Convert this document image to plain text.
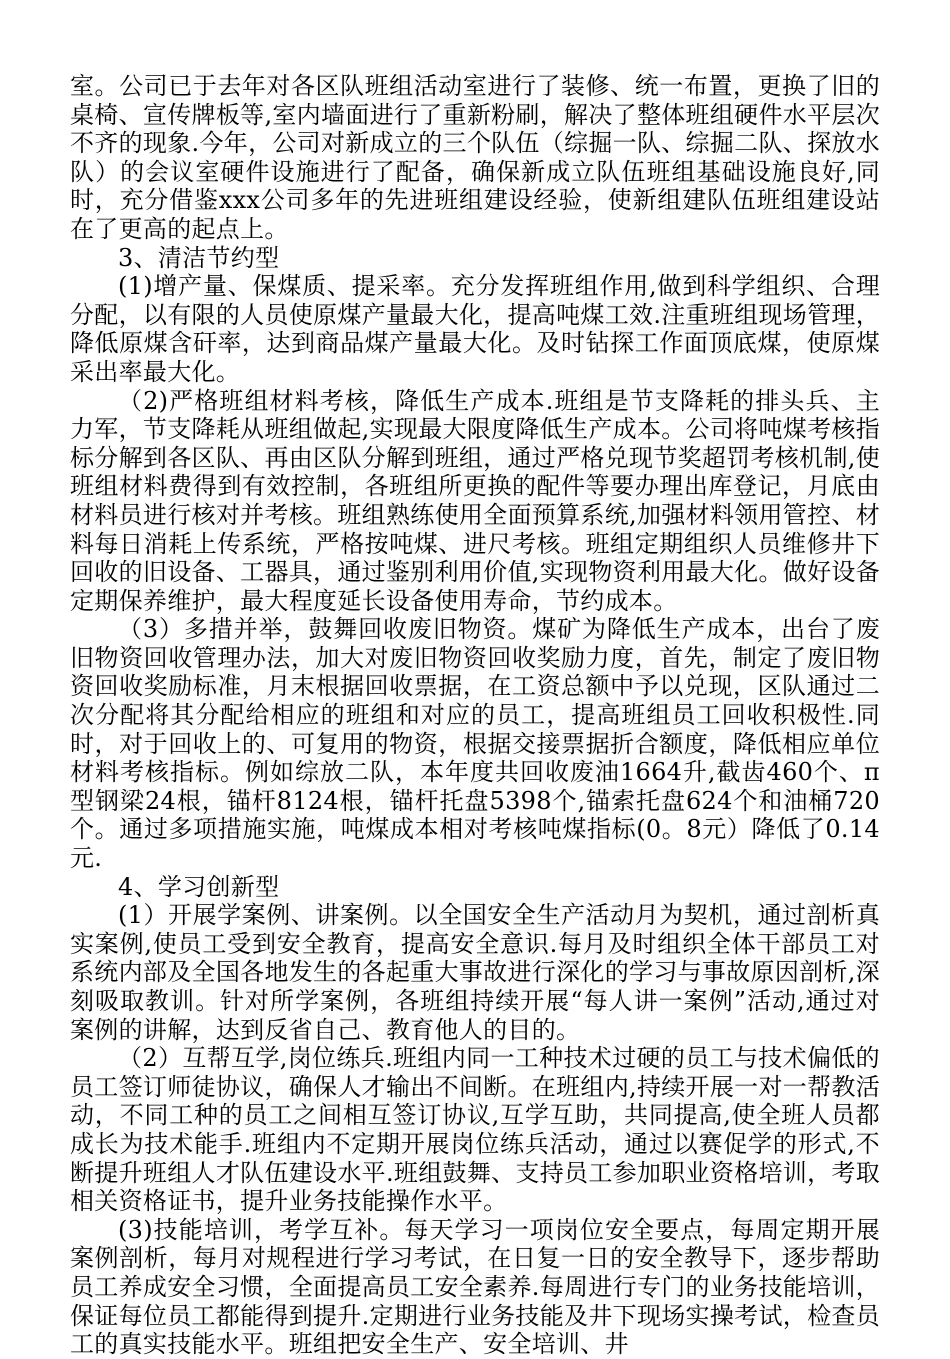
室。公司已于去年对各区队班组活动室进行了装修、统一布置，更换了旧的桌椅、宣传牌板等,室内墙面进行了重新粉刷，解决了整体班组硬件水平层次不齐的现象.今年，公司对新成立的三个队伍（综掘一队、综掘二队、探放水队）的会议室硬件设施进行了配备，确保新成立队伍班组基础设施良好,同时，充分借鉴xxx公司多年的先进班组建设经验，使新组建队伍班组建设站在了更高的起点上。

3、清洁节约型

(1)增产量、保煤质、提采率。充分发挥班组作用,做到科学组织、合理分配，以有限的人员使原煤产量最大化，提高吨煤工效.注重班组现场管理，降低原煤含矸率，达到商品煤产量最大化。及时钻探工作面顶底煤，使原煤采出率最大化。

（2)严格班组材料考核，降低生产成本.班组是节支降耗的排头兵、主力军，节支降耗从班组做起,实现最大限度降低生产成本。公司将吨煤考核指标分解到各区队、再由区队分解到班组，通过严格兑现节奖超罚考核机制,使班组材料费得到有效控制，各班组所更换的配件等要办理出库登记，月底由材料员进行核对并考核。班组熟练使用全面预算系统,加强材料领用管控、材料每日消耗上传系统，严格按吨煤、进尺考核。班组定期组织人员维修井下回收的旧设备、工器具，通过鉴别利用价值,实现物资利用最大化。做好设备定期保养维护，最大程度延长设备使用寿命，节约成本。

（3）多措并举，鼓舞回收废旧物资。煤矿为降低生产成本，出台了废旧物资回收管理办法，加大对废旧物资回收奖励力度，首先，制定了废旧物资回收奖励标准，月末根据回收票据，在工资总额中予以兑现，区队通过二次分配将其分配给相应的班组和对应的员工，提高班组员工回收积极性.同时，对于回收上的、可复用的物资，根据交接票据折合额度，降低相应单位材料考核指标。例如综放二队，本年度共回收废油1664升,截齿460个、π型钢梁24根，锚杆8124根，锚杆托盘5398个,锚索托盘624个和油桶720个。通过多项措施实施，吨煤成本相对考核吨煤指标(0。8元）降低了0.14元.

4、学习创新型

(1）开展学案例、讲案例。以全国安全生产活动月为契机，通过剖析真实案例,使员工受到安全教育，提高安全意识.每月及时组织全体干部员工对系统内部及全国各地发生的各起重大事故进行深化的学习与事故原因剖析,深刻吸取教训。针对所学案例，各班组持续开展“每人讲一案例”活动,通过对案例的讲解，达到反省自己、教育他人的目的。

（2）互帮互学,岗位练兵.班组内同一工种技术过硬的员工与技术偏低的员工签订师徒协议，确保人才输出不间断。在班组内,持续开展一对一帮教活动，不同工种的员工之间相互签订协议,互学互助，共同提高,使全班人员都成长为技术能手.班组内不定期开展岗位练兵活动，通过以赛促学的形式,不断提升班组人才队伍建设水平.班组鼓舞、支持员工参加职业资格培训，考取相关资格证书，提升业务技能操作水平。

(3)技能培训，考学互补。每天学习一项岗位安全要点，每周定期开展案例剖析，每月对规程进行学习考试，在日复一日的安全教导下，逐步帮助员工养成安全习惯，全面提高员工安全素养.每周进行专门的业务技能培训，保证每位员工都能得到提升.定期进行业务技能及井下现场实操考试，检查员工的真实技能水平。班组把安全生产、安全培训、井
